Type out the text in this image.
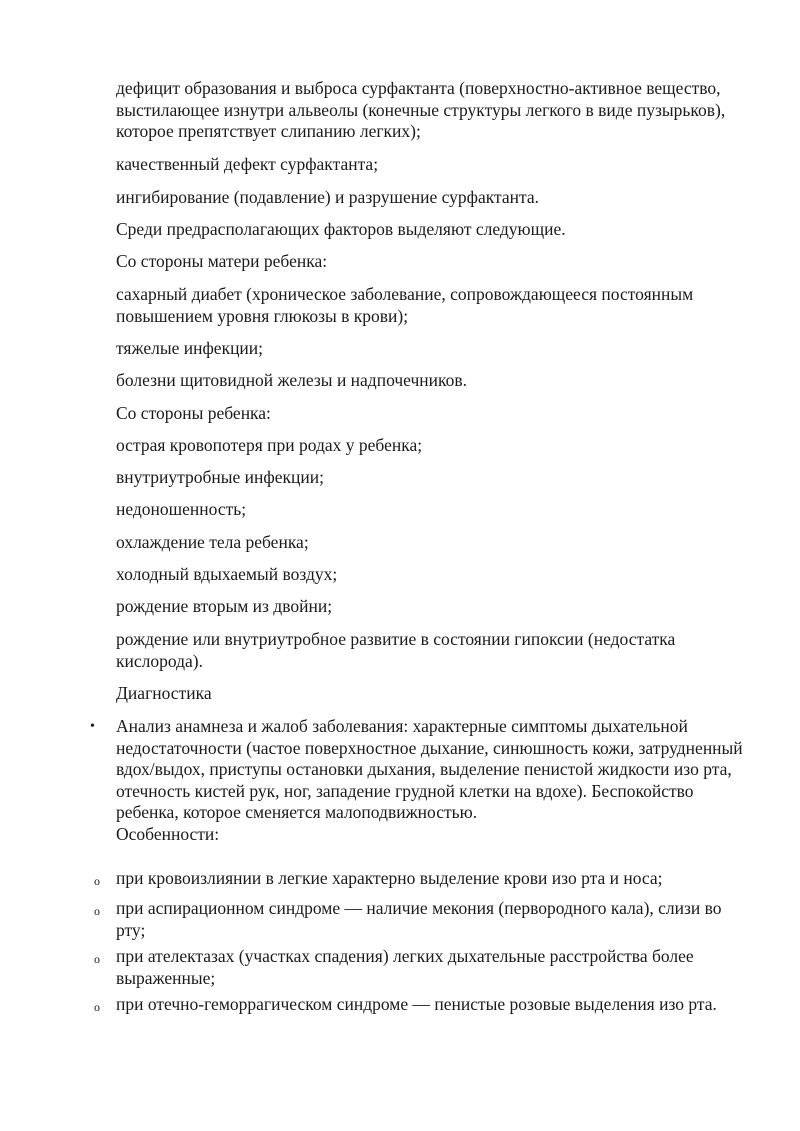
дефицит образования и выброса сурфактанта (поверхностно-активное вещество, выстилающее изнутри альвеолы (конечные структуры легкого в виде пузырьков), которое препятствует слипанию легких);

качественный дефект сурфактанта;

ингибирование (подавление) и разрушение сурфактанта.

Среди предрасполагающих факторов выделяют следующие.

Со стороны матери ребенка:

сахарный диабет (хроническое заболевание, сопровождающееся постоянным повышением уровня глюкозы в крови);

тяжелые инфекции;

болезни щитовидной железы и надпочечников.

Со стороны ребенка:

острая кровопотеря при родах у ребенка;

внутриутробные инфекции;

недоношенность;

охлаждение тела ребенка;

холодный вдыхаемый воздух;

рождение вторым из двойни;

рождение или внутриутробное развитие в состоянии гипоксии (недостатка кислорода).

Диагностика

• Анализ анамнеза и жалоб заболевания: характерные симптомы дыхательной недостаточности (частое поверхностное дыхание, синюшность кожи, затрудненный вдох/выдох, приступы остановки дыхания, выделение пенистой жидкости изо рта, отечность кистей рук, ног, западение грудной клетки на вдохе). Беспокойство ребенка, которое сменяется малоподвижностью.
Особенности:
o при кровоизлиянии в легкие характерно выделение крови изо рта и носа;
o при аспирационном синдроме — наличие мекония (первородного кала), слизи во рту;
o при ателектазах (участках спадения) легких дыхательные расстройства более выраженные;
o при отечно-геморрагическом синдроме — пенистые розовые выделения изо рта.
